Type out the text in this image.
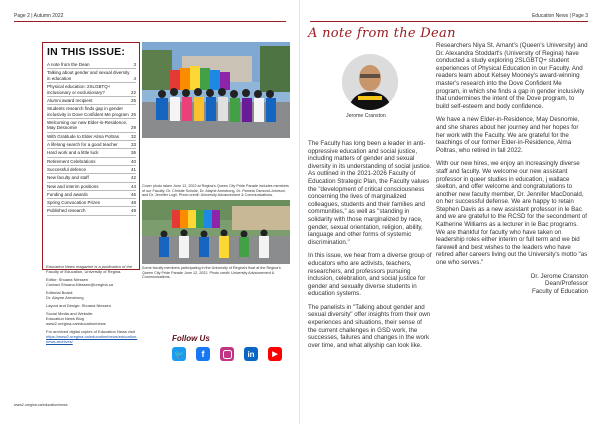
Page 2 | Autumn 2022
IN THIS ISSUE:
A note from the Dean	3
Talking about gender and sexual diversity in education	4
Physical education: 2SLGBTQ+ inclusionary or exclusionary?	22
Alumni award recipient	25
Students research finds gap in gender inclusivity in Dove Confident Me program 26
Welcoming our new Elder-in-Residence, May Desnomie	29
With Gratitude to Elder Alma Poltras	32
A lifelong search for a good teacher	33
Hard work and a little luck	36
Retirement Celebrations	40
Successful defence	41
New faculty and staff	42
New and interim positions	44
Funding and awards	46
Spring Convocation Prizes	48
Published research	49
Cover photo taken June 12, 2022 at Regina's Queen City Pride Parade includes members of our Faculty: Dr. Christie Schultz, Dr. Alayne Armstrong, Dr. Pamela Osmond-Johnson, and Dr. Jennifer Lugli. Photo credit: University Advancement & Communications.
Some faculty members participating in the University of Regina's float at the Regina's Queen City Pride Parade June 12, 2022. Photo credit: University Advancement & Communications.

Education News magazine is a publication of the
Faculty of Education, University of Regina.

Editor: Shuana Niessen
Contact Shuana.Niessen@uregina.ca

Editorial Board:
Dr. Alayne Armstrong

Layout and Design: Shuana Niessen

Social Media and Website:
Education News Blog www2.uregina.ca/education/news

For archived digital copies of Education News visit
https://www2.uregina.ca/education/news/education-news-archives/	Follow Us
🐦	f	in	▶
www2.uregina.ca/education/news
Education News | Page 3
A note from the Dean
Jerome Cranston

The Faculty has long been a leader in anti-oppressive education and social justice, including matters of gender and sexual diversity in its understanding of social justice. As outlined in the 2021-2026 Faculty of Education Strategic Plan, the Faculty values the "development of critical consciousness concerning the lives of marginalized colleagues, students and their families and communities," as well as "standing in solidarity with those marginalized by race, gender, sexual orientation, religion, ability, language and other forms of systemic discrimination."

In this issue, we hear from a diverse group of educators who are activists, teachers, researchers, and professors pursuing inclusion, celebration, and social justice for gender and sexually diverse students in education systems.

The panelists in "Talking about gender and sexual diversity" offer insights from their own experiences and situations, their sense of the current challenges in GSD work, the successes, failures and changes in the work over time, and what allyship can look like.

Researchers Niya St. Amant's (Queen's University) and Dr. Alexandra Stoddart's (University of Regina) have conducted a study exploring 2SLGBTQ+ student experiences of Physical Education in our Faculty. And readers learn about Kelsey Mooney's award-winning master's research into the Dove Confident Me program, in which she finds a gap in gender inclusivity that undermines the intent of the Dove program, to build self-esteem and body confidence.

We have a new Elder-in-Residence, May Desnomie, and she shares about her journey and her hopes for her work with the Faculty. We are grateful for the teachings of our former Elder-in-Residence, Alma Poltras, who retired in fall 2022.

With our new hires, we enjoy an increasingly diverse staff and faculty. We welcome our new assistant professor in queer studies in education, j wallace skelton, and offer welcome and congratulations to another new faculty member, Dr. Jennifer MacDonald, on her successful defense. We are happy to retain Stephen Davis as a new assistant professor in le Bac and we are grateful to the RCSD for the secondment of Katherine Williams as a lecturer in le Bac programs. We are thankful for faculty who have taken on leadership roles either interim or full term and we bid farewell and best wishes to the leaders who have retired after careers living out the University's motto "as one who serves."

Dr. Jerome Cranston
Dean/Professor
Faculty of Education
